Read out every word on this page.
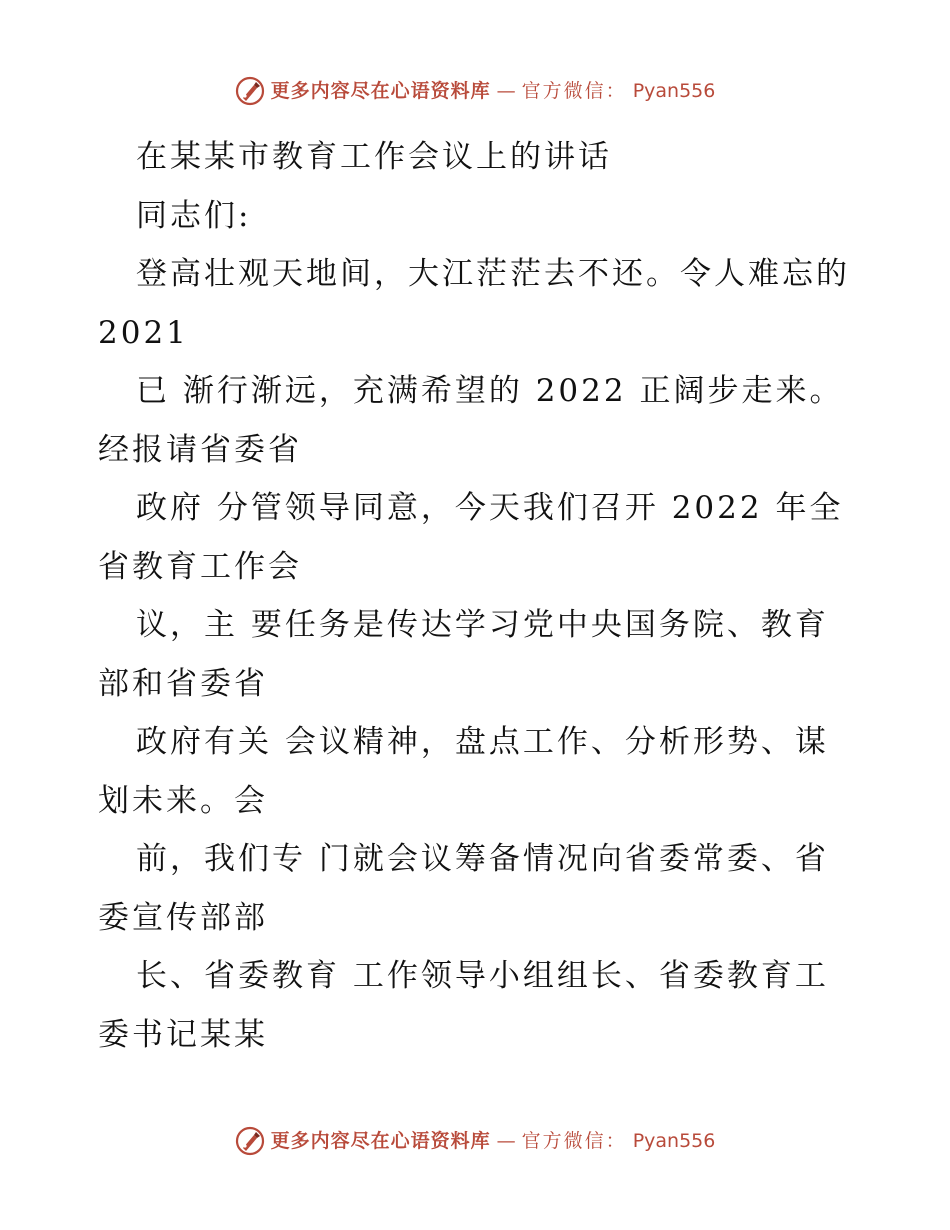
更多内容尽在心语资料库 — 官方微信： Pyan556
在某某市教育工作会议上的讲话
同志们:
登高壮观天地间，大江茫茫去不还。令人难忘的
2021
已 渐行渐远，充满希望的 2022 正阔步走来。
经报请省委省
政府 分管领导同意，今天我们召开 2022 年全
省教育工作会
议，主 要任务是传达学习党中央国务院、教育
部和省委省
政府有关 会议精神，盘点工作、分析形势、谋
划未来。会
前，我们专 门就会议筹备情况向省委常委、省
委宣传部部
长、省委教育 工作领导小组组长、省委教育工
委书记某某
更多内容尽在心语资料库 — 官方微信： Pyan556
